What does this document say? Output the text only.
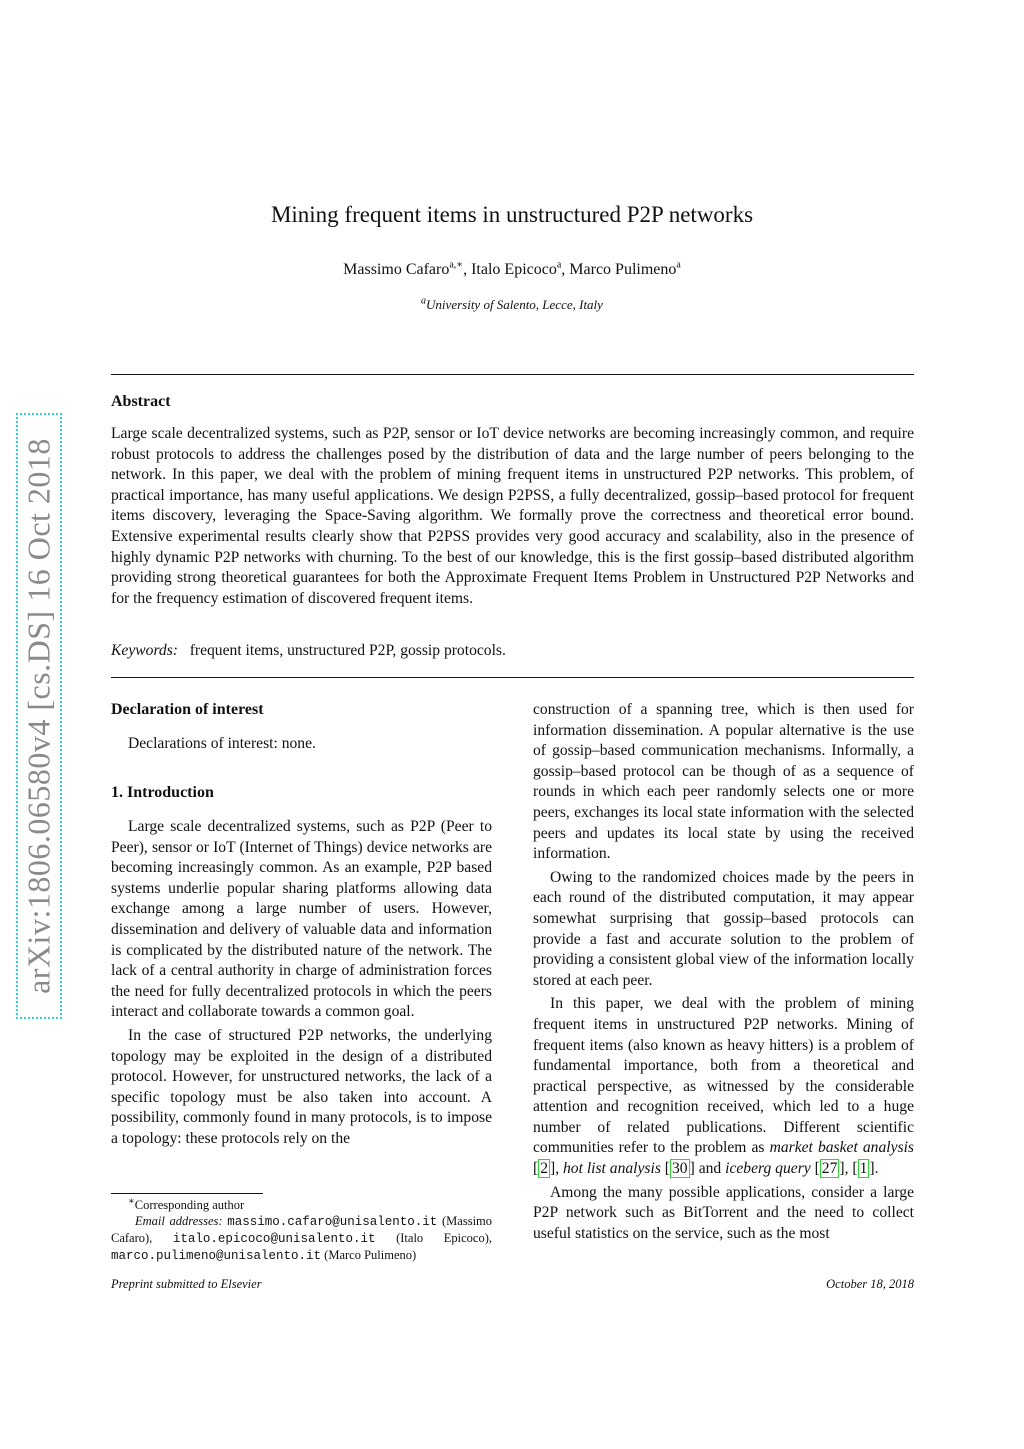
arXiv:1806.06580v4 [cs.DS] 16 Oct 2018
Mining frequent items in unstructured P2P networks
Massimo Cafaro$^{a,∗}$, Italo Epicoco$^a$, Marco Pulimeno$^a$
$^a$University of Salento, Lecce, Italy
Abstract
Large scale decentralized systems, such as P2P, sensor or IoT device networks are becoming increasingly common, and require robust protocols to address the challenges posed by the distribution of data and the large number of peers belonging to the network. In this paper, we deal with the problem of mining frequent items in unstructured P2P networks. This problem, of practical importance, has many useful applications. We design P2PSS, a fully decentralized, gossip–based protocol for frequent items discovery, leveraging the Space-Saving algorithm. We formally prove the correctness and theoretical error bound. Extensive experimental results clearly show that P2PSS provides very good accuracy and scalability, also in the presence of highly dynamic P2P networks with churning. To the best of our knowledge, this is the first gossip–based distributed algorithm providing strong theoretical guarantees for both the Approximate Frequent Items Problem in Unstructured P2P Networks and for the frequency estimation of discovered frequent items.
Keywords: frequent items, unstructured P2P, gossip protocols.
Declaration of interest
Declarations of interest: none.
1. Introduction

Large scale decentralized systems, such as P2P (Peer to Peer), sensor or IoT (Internet of Things) device networks are becoming increasingly common. As an example, P2P based systems underlie popular sharing platforms allowing data exchange among a large number of users. However, dissemination and delivery of valuable data and information is complicated by the distributed nature of the network. The lack of a central authority in charge of administration forces the need for fully decentralized protocols in which the peers interact and collaborate towards a common goal.

In the case of structured P2P networks, the underlying topology may be exploited in the design of a distributed protocol. However, for unstructured networks, the lack of a specific topology must be also taken into account. A possibility, commonly found in many protocols, is to impose a topology: these protocols rely on the

∗Corresponding author
Email addresses: massimo.cafaro@unisalento.it (Massimo Cafaro), italo.epicoco@unisalento.it (Italo Epicoco), marco.pulimeno@unisalento.it (Marco Pulimeno)

construction of a spanning tree, which is then used for information dissemination. A popular alternative is the use of gossip–based communication mechanisms. Informally, a gossip–based protocol can be though of as a sequence of rounds in which each peer randomly selects one or more peers, exchanges its local state information with the selected peers and updates its local state by using the received information.

Owing to the randomized choices made by the peers in each round of the distributed computation, it may appear somewhat surprising that gossip–based protocols can provide a fast and accurate solution to the problem of providing a consistent global view of the information locally stored at each peer.

In this paper, we deal with the problem of mining frequent items in unstructured P2P networks. Mining of frequent items (also known as heavy hitters) is a problem of fundamental importance, both from a theoretical and practical perspective, as witnessed by the considerable attention and recognition received, which led to a huge number of related publications. Different scientific communities refer to the problem as market basket analysis [ 2 ], hot list analysis [ 30 ] and iceberg query [ 27 ], [ 1 ].

Among the many possible applications, consider a large P2P network such as BitTorrent and the need to collect useful statistics on the service, such as the most

Preprint submitted to Elsevier	October 18, 2018
